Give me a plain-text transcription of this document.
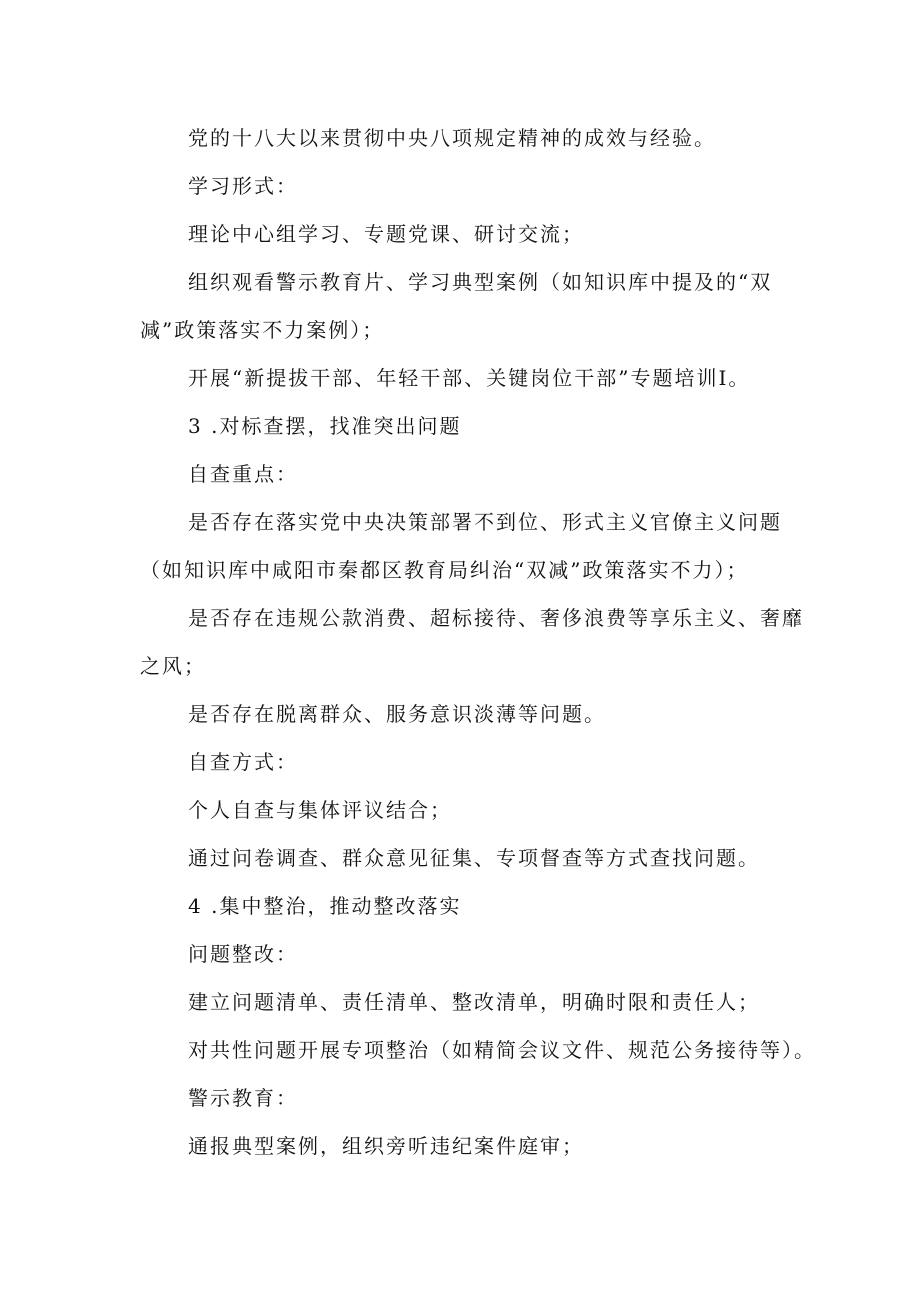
党的十八大以来贯彻中央八项规定精神的成效与经验。

学习形式：

理论中心组学习、专题党课、研讨交流；

组织观看警示教育片、学习典型案例（如知识库中提及的“双减”政策落实不力案例）；

开展“新提拔干部、年轻干部、关键岗位干部”专题培训I。

3 .对标查摆，找准突出问题

自查重点：

是否存在落实党中央决策部署不到位、形式主义官僚主义问题（如知识库中咸阳市秦都区教育局纠治“双减”政策落实不力）；

是否存在违规公款消费、超标接待、奢侈浪费等享乐主义、奢靡之风；

是否存在脱离群众、服务意识淡薄等问题。

自查方式：

个人自查与集体评议结合；

通过问卷调查、群众意见征集、专项督查等方式查找问题。

4 .集中整治，推动整改落实

问题整改：

建立问题清单、责任清单、整改清单，明确时限和责任人；

对共性问题开展专项整治（如精简会议文件、规范公务接待等）。

警示教育：

通报典型案例，组织旁听违纪案件庭审；
